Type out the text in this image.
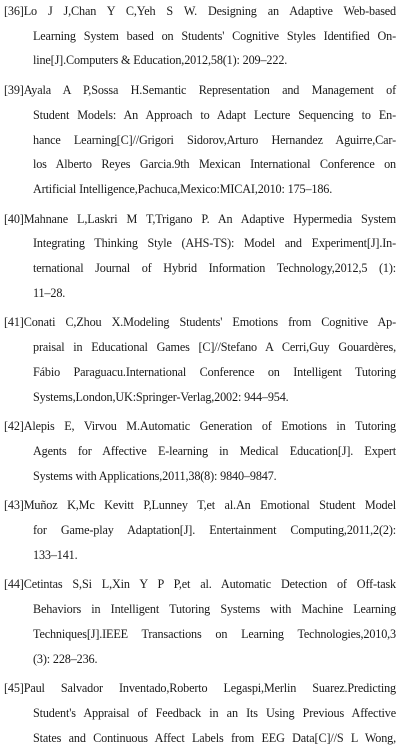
[36]Lo J J,Chan Y C,Yeh S W. Designing an Adaptive Web-based
Learning System based on Students' Cognitive Styles Identified On-
line[J].Computers & Education,2012,58(1): 209–222.
[39]Ayala A P,Sossa H.Semantic Representation and Management of
Student Models: An Approach to Adapt Lecture Sequencing to En-
hance Learning[C]//Grigori Sidorov,Arturo Hernandez Aguirre,Car-
los Alberto Reyes Garcia.9th Mexican International Conference on
Artificial Intelligence,Pachuca,Mexico:MICAI,2010: 175–186.
[40]Mahnane L,Laskri M T,Trigano P. An Adaptive Hypermedia System
Integrating Thinking Style (AHS-TS): Model and Experiment[J].In-
ternational Journal of Hybrid Information Technology,2012,5 (1):
11–28.
[41]Conati C,Zhou X.Modeling Students' Emotions from Cognitive Ap-
praisal in Educational Games [C]//Stefano A Cerri,Guy Gouardères,
Fábio Paraguacu.International Conference on Intelligent Tutoring
Systems,London,UK:Springer-Verlag,2002: 944–954.
[42]Alepis E, Virvou M.Automatic Generation of Emotions in Tutoring
Agents for Affective E-learning in Medical Education[J]. Expert
Systems with Applications,2011,38(8): 9840–9847.
[43]Muñoz K,Mc Kevitt P,Lunney T,et al.An Emotional Student Model
for Game-play Adaptation[J]. Entertainment Computing,2011,2(2):
133–141.
[44]Cetintas S,Si L,Xin Y P P,et al. Automatic Detection of Off-task
Behaviors in Intelligent Tutoring Systems with Machine Learning
Techniques[J].IEEE Transactions on Learning Technologies,2010,3
(3): 228–236.
[45]Paul Salvador Inventado,Roberto Legaspi,Merlin Suarez.Predicting
Student's Appraisal of Feedback in an Its Using Previous Affective
States and Continuous Affect Labels from EEG Data[C]//S L Wong,
